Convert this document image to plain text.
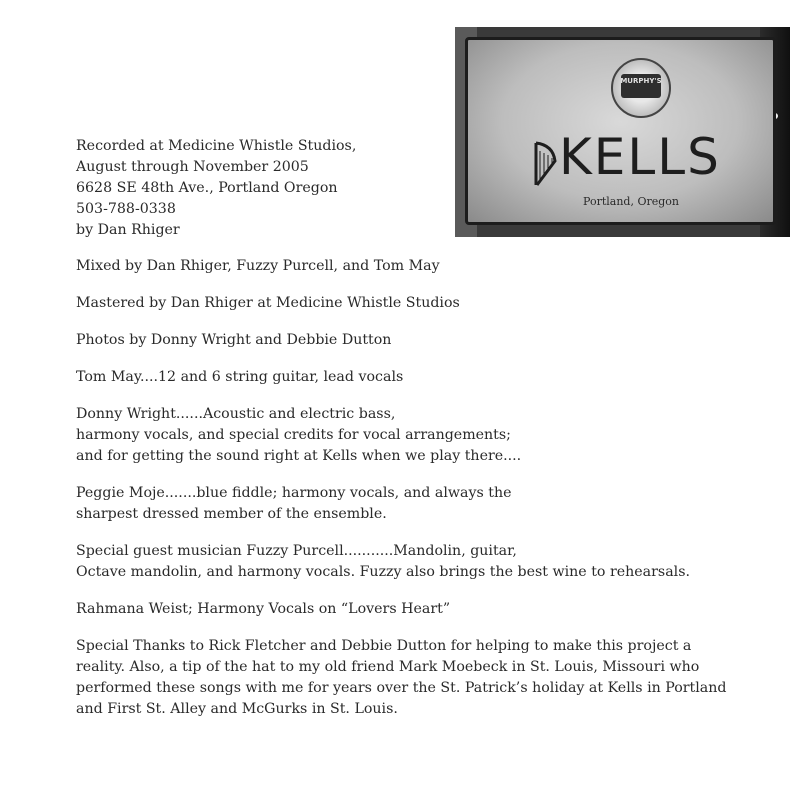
MURPHY'S
KELLS
Portland, Oregon

Recorded at Medicine Whistle Studios,
August through November 2005
6628 SE 48th Ave., Portland Oregon
503-788-0338
by Dan Rhiger

Mixed by Dan Rhiger, Fuzzy Purcell, and Tom May

Mastered by Dan Rhiger at Medicine Whistle Studios

Photos by Donny Wright and Debbie Dutton

Tom May....12 and 6 string guitar, lead vocals

Donny Wright......Acoustic and electric bass,
harmony vocals, and special credits for vocal arrangements;
and for getting the sound right at Kells when we play there....

Peggie Moje.......blue fiddle; harmony vocals, and always the
sharpest dressed member of the ensemble.

Special guest musician Fuzzy Purcell...........Mandolin, guitar,
Octave mandolin, and harmony vocals. Fuzzy also brings the best wine to rehearsals.

Rahmana Weist; Harmony Vocals on “Lovers Heart”

Special Thanks to Rick Fletcher and Debbie Dutton for helping to make this project a
reality. Also, a tip of the hat to my old friend Mark Moebeck in St. Louis, Missouri who
performed these songs with me for years over the St. Patrick’s holiday at Kells in Portland
and First St. Alley and McGurks in St. Louis.
